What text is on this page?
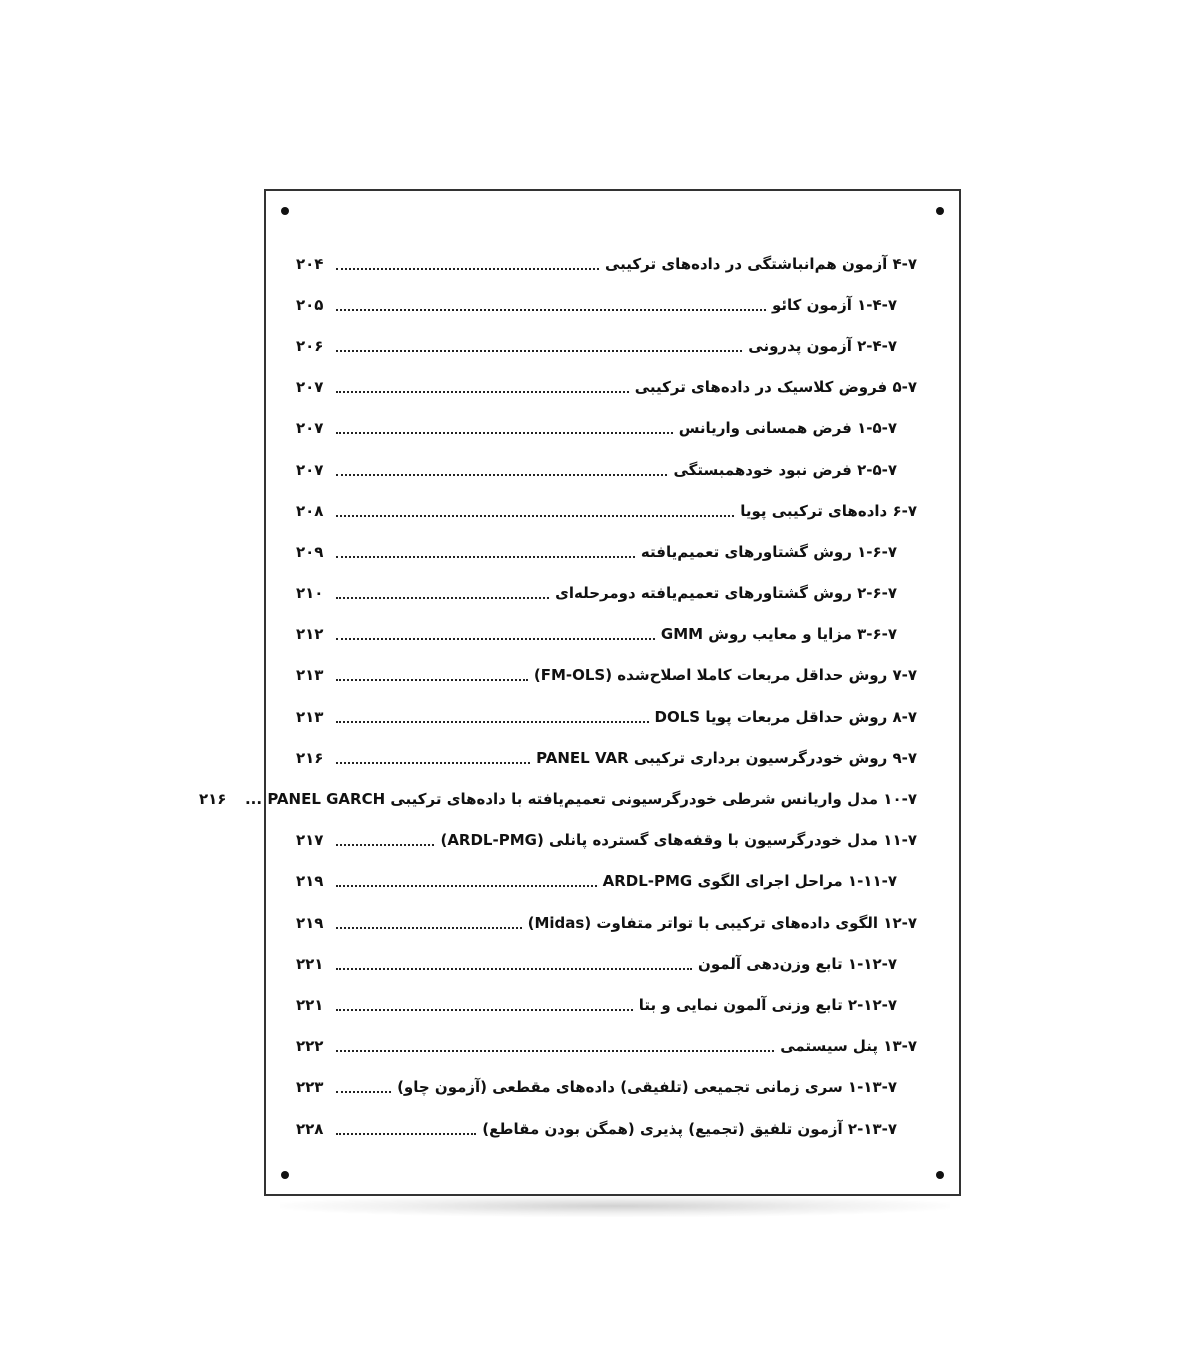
۴-۷ آزمون هم‌انباشتگی در داده‌های ترکیبی
۲۰۴
۱-۴-۷ آزمون کائو
۲۰۵
۲-۴-۷ آزمون پدرونی
۲۰۶
۵-۷ فروض کلاسیک در داده‌های ترکیبی
۲۰۷
۱-۵-۷ فرض همسانی واریانس
۲۰۷
۲-۵-۷ فرض نبود خودهمبستگی
۲۰۷
۶-۷ داده‌های ترکیبی پویا
۲۰۸
۱-۶-۷ روش گشتاورهای تعمیم‌یافته
۲۰۹
۲-۶-۷ روش گشتاورهای تعمیم‌یافته دومرحله‌ای
۲۱۰
۳-۶-۷ مزایا و معایب روش GMM
۲۱۲
۷-۷ روش حداقل مربعات کاملا اصلاح‌شده (FM-OLS)
۲۱۳
۸-۷ روش حداقل مربعات پویا DOLS
۲۱۳
۹-۷ روش خودرگرسیون برداری ترکیبی PANEL VAR
۲۱۶
۱۰-۷ مدل واریانس شرطی خودرگرسیونی تعمیم‌یافته با داده‌های ترکیبی PANEL GARCH ...
۲۱۶
۱۱-۷ مدل خودرگرسیون با وقفه‌های گسترده پانلی (ARDL-PMG)
۲۱۷
۱-۱۱-۷ مراحل اجرای الگوی ARDL-PMG
۲۱۹
۱۲-۷ الگوی داده‌های ترکیبی با تواتر متفاوت (Midas)
۲۱۹
۱-۱۲-۷ تابع وزن‌دهی آلمون
۲۲۱
۲-۱۲-۷ تابع وزنی آلمون نمایی و بتا
۲۲۱
۱۳-۷ پنل سیستمی
۲۲۲
۱-۱۳-۷ سری زمانی تجمیعی (تلفیقی) داده‌های مقطعی (آزمون چاو)
۲۲۳
۲-۱۳-۷ آزمون تلفیق (تجمیع) پذیری (همگن بودن مقاطع)
۲۲۸
